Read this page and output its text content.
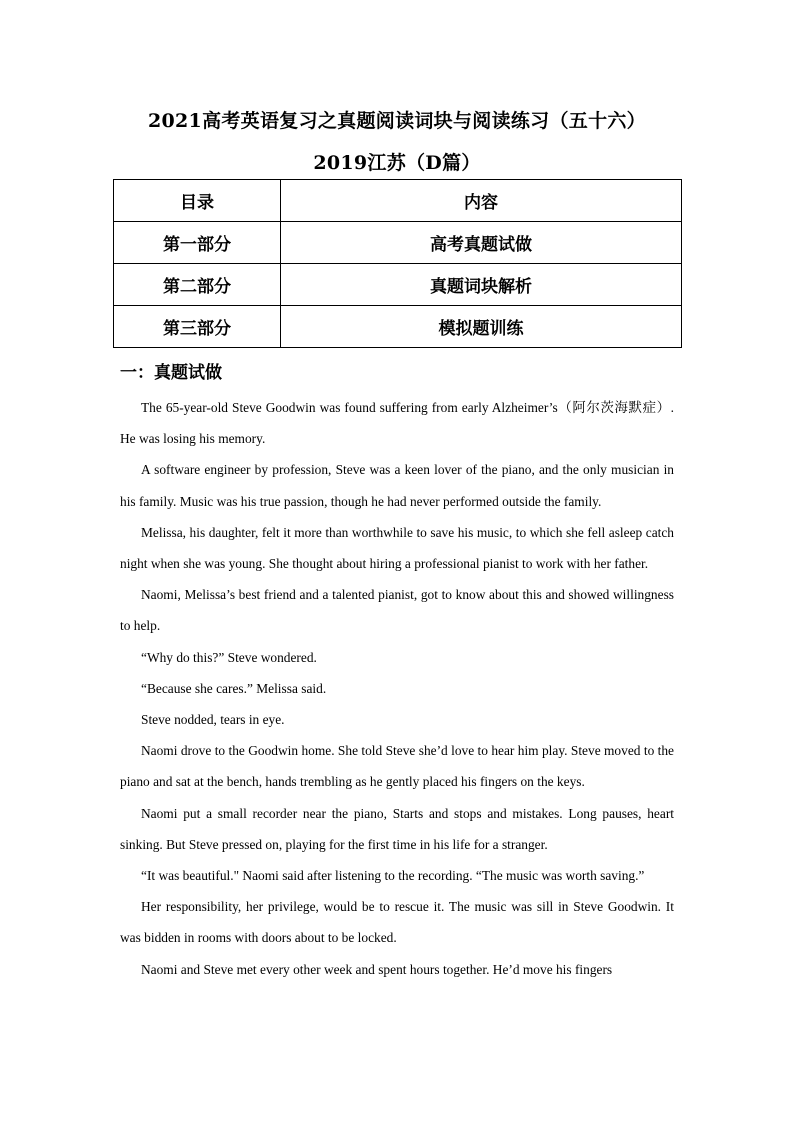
2021高考英语复习之真题阅读词块与阅读练习（五十六）
2019江苏（D篇）
目录	内容
第一部分	高考真题试做
第二部分	真题词块解析
第三部分	模拟题训练
一：真题试做

The 65-year-old Steve Goodwin was found suffering from early Alzheimer’s（阿尔茨海默症）. He was losing his memory.

A software engineer by profession, Steve was a keen lover of the piano, and the only musician in his family. Music was his true passion, though he had never performed outside the family.

Melissa, his daughter, felt it more than worthwhile to save his music, to which she fell asleep catch night when she was young. She thought about hiring a professional pianist to work with her father.

Naomi, Melissa’s best friend and a talented pianist, got to know about this and showed willingness to help.

“Why do this?” Steve wondered.

“Because she cares.” Melissa said.

Steve nodded, tears in eye.

Naomi drove to the Goodwin home. She told Steve she’d love to hear him play. Steve moved to the piano and sat at the bench, hands trembling as he gently placed his fingers on the keys.

Naomi put a small recorder near the piano, Starts and stops and mistakes. Long pauses, heart sinking. But Steve pressed on, playing for the first time in his life for a stranger.

“It was beautiful." Naomi said after listening to the recording. “The music was worth saving.”

Her responsibility, her privilege, would be to rescue it. The music was sill in Steve Goodwin. It was bidden in rooms with doors about to be locked.

Naomi and Steve met every other week and spent hours together. He’d move his fingers
